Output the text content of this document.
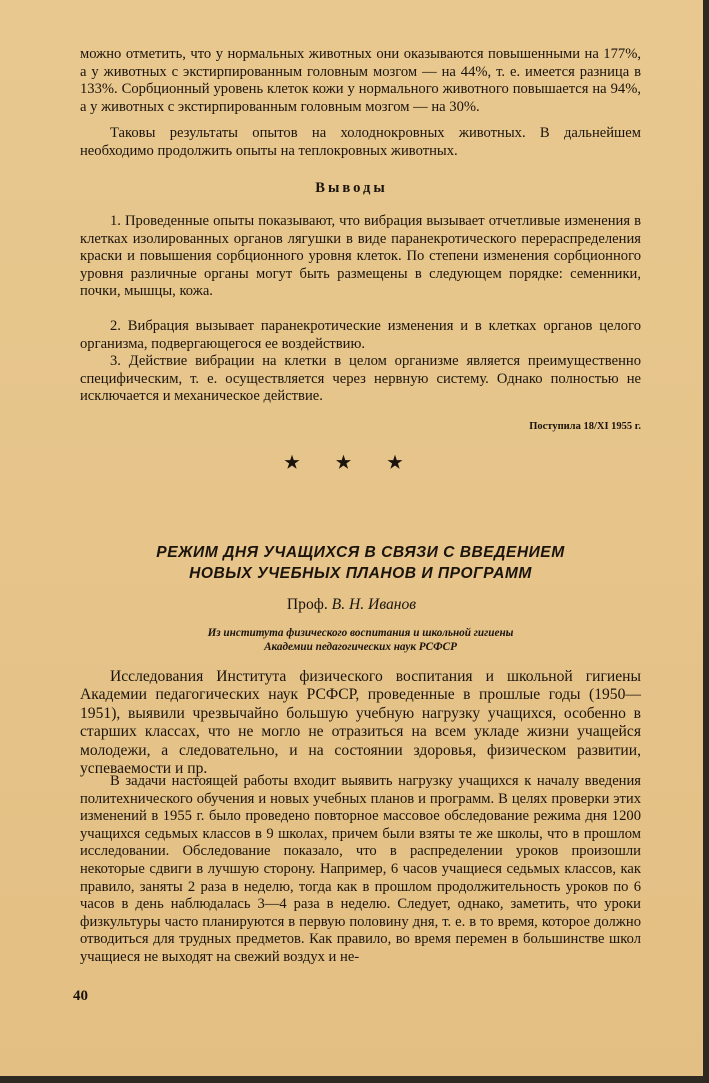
можно отметить, что у нормальных животных они оказываются повышенными на 177%, а у животных с экстирпированным головным мозгом — на 44%, т. е. имеется разница в 133%. Сорбционный уровень клеток кожи у нормального животного повышается на 94%, а у животных с экстирпированным головным мозгом — на 30%.

Таковы результаты опытов на холоднокровных животных. В дальнейшем необходимо продолжить опыты на теплокровных животных.

Выводы

1. Проведенные опыты показывают, что вибрация вызывает отчетливые изменения в клетках изолированных органов лягушки в виде паранекротического перераспределения краски и повышения сорбционного уровня клеток. По степени изменения сорбционного уровня различные органы могут быть размещены в следующем порядке: семенники, почки, мышцы, кожа.

2. Вибрация вызывает паранекротические изменения и в клетках органов целого организма, подвергающегося ее воздействию.

3. Действие вибрации на клетки в целом организме является преимущественно специфическим, т. е. осуществляется через нервную систему. Однако полностью не исключается и механическое действие.

Поступила 18/XI 1955 г.
★ ★ ★
РЕЖИМ ДНЯ УЧАЩИХСЯ В СВЯЗИ С ВВЕДЕНИЕМ
НОВЫХ УЧЕБНЫХ ПЛАНОВ И ПРОГРАММ
Проф. В. Н. Иванов
Из института физического воспитания и школьной гигиены
Академии педагогических наук РСФСР

Исследования Института физического воспитания и школьной гигиены Академии педагогических наук РСФСР, проведенные в прошлые годы (1950—1951), выявили чрезвычайно большую учебную нагрузку учащихся, особенно в старших классах, что не могло не отразиться на всем укладе жизни учащейся молодежи, а следовательно, и на состоянии здоровья, физическом развитии, успеваемости и пр.

В задачи настоящей работы входит выявить нагрузку учащихся к началу введения политехнического обучения и новых учебных планов и программ. В целях проверки этих изменений в 1955 г. было проведено повторное массовое обследование режима дня 1200 учащихся седьмых классов в 9 школах, причем были взяты те же школы, что в прошлом исследовании. Обследование показало, что в распределении уроков произошли некоторые сдвиги в лучшую сторону. Например, 6 часов учащиеся седьмых классов, как правило, заняты 2 раза в неделю, тогда как в прошлом продолжительность уроков по 6 часов в день наблюдалась 3—4 раза в неделю. Следует, однако, заметить, что уроки физкультуры часто планируются в первую половину дня, т. е. в то время, которое должно отводиться для трудных предметов. Как правило, во время перемен в большинстве школ учащиеся не выходят на свежий воздух и не-

40
